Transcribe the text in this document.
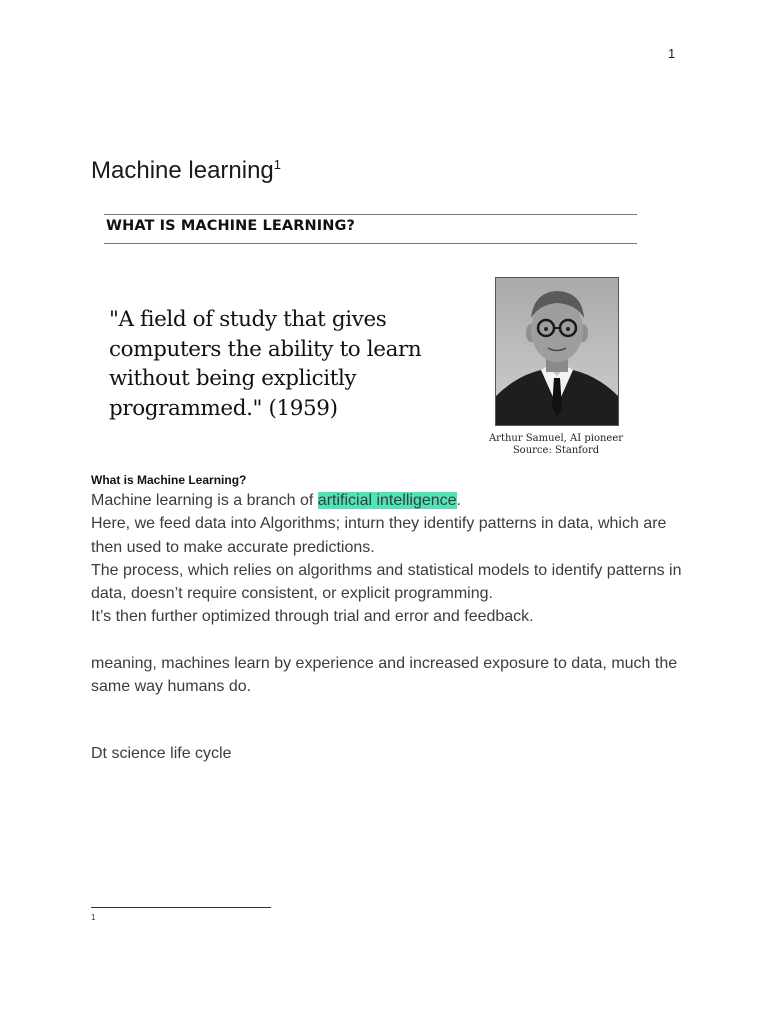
1
Machine learning$^1$
WHAT IS MACHINE LEARNING?
"A field of study that gives
computers the ability to learn
without being explicitly
programmed." (1959)
Arthur Samuel, AI pioneer
Source: Stanford
What is Machine Learning?

Machine learning is a branch of artificial intelligence.

Here, we feed data into Algorithms; inturn they identify patterns in data, which are then used to make accurate predictions.

The process, which relies on algorithms and statistical models to identify patterns in data, doesn’t require consistent, or explicit programming.

It’s then further optimized through trial and error and feedback.

meaning, machines learn by experience and increased exposure to data, much the same way humans do.

Dt science life cycle
1
